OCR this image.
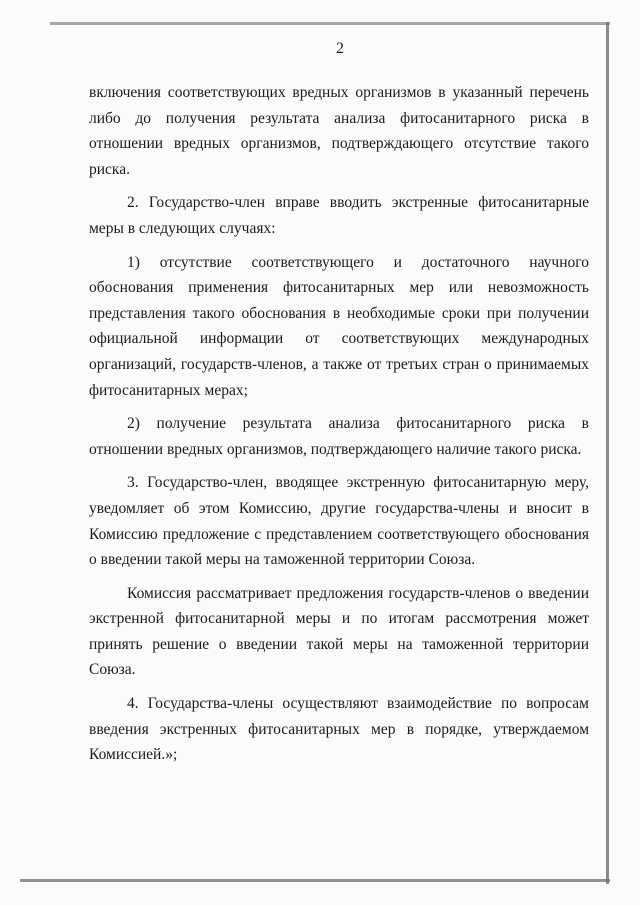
2

включения соответствующих вредных организмов в указанный перечень либо до получения результата анализа фитосанитарного риска в отношении вредных организмов, подтверждающего отсутствие такого риска.

2. Государство-член вправе вводить экстренные фитосанитарные меры в следующих случаях:

1) отсутствие соответствующего и достаточного научного обоснования применения фитосанитарных мер или невозможность представления такого обоснования в необходимые сроки при получении официальной информации от соответствующих международных организаций, государств-членов, а также от третьих стран о принимаемых фитосанитарных мерах;

2) получение результата анализа фитосанитарного риска в отношении вредных организмов, подтверждающего наличие такого риска.

3. Государство-член, вводящее экстренную фитосанитарную меру, уведомляет об этом Комиссию, другие государства-члены и вносит в Комиссию предложение с представлением соответствующего обоснования о введении такой меры на таможенной территории Союза.

Комиссия рассматривает предложения государств-членов о введении экстренной фитосанитарной меры и по итогам рассмотрения может принять решение о введении такой меры на таможенной территории Союза.

4. Государства-члены осуществляют взаимодействие по вопросам введения экстренных фитосанитарных мер в порядке, утверждаемом Комиссией.»;
